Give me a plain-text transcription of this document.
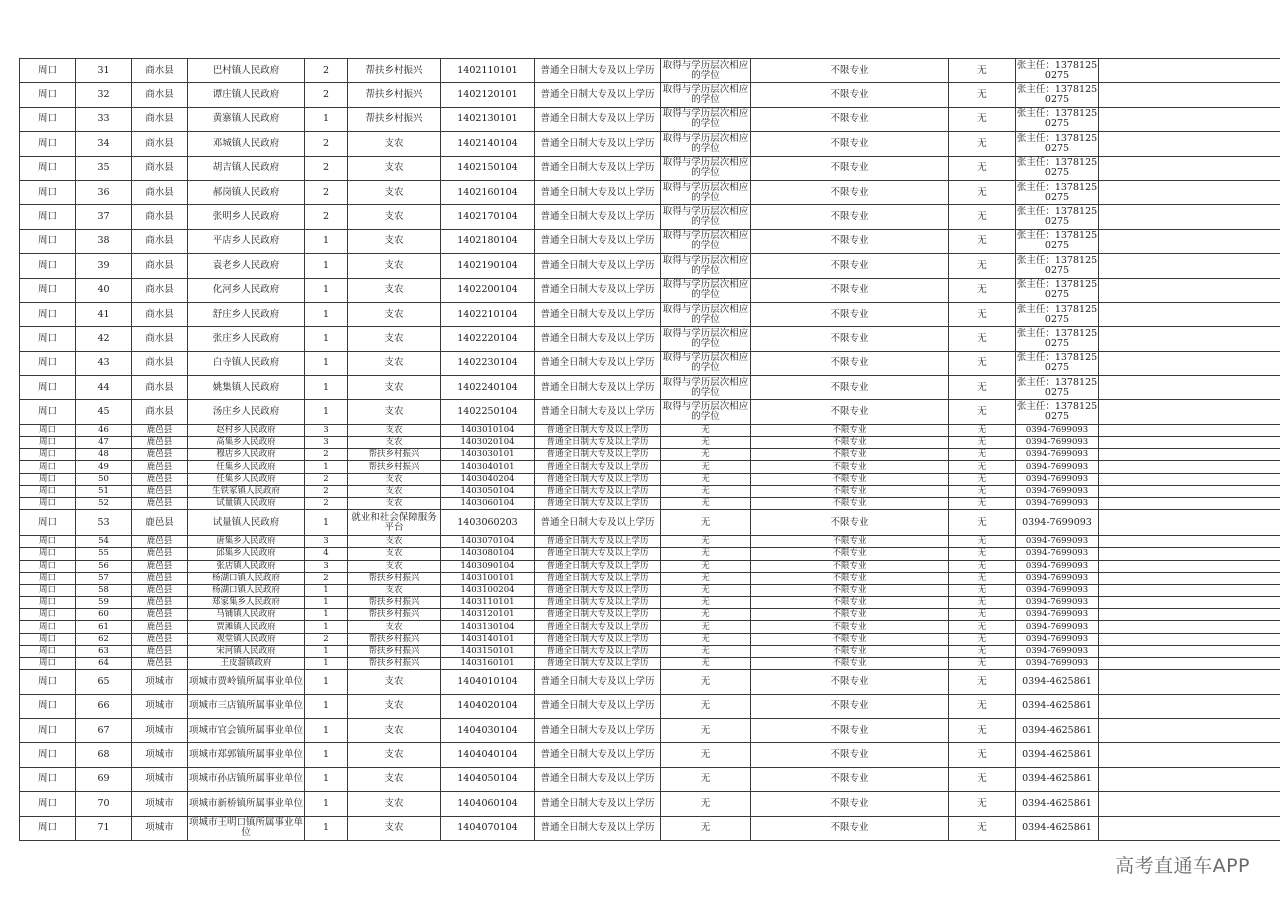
周口	31	商水县	巴村镇人民政府	2	帮扶乡村振兴	1402110101	普通全日制大专及以上学历	取得与学历层次相应的学位	不限专业	无	张主任：13781250275	
周口	32	商水县	谭庄镇人民政府	2	帮扶乡村振兴	1402120101	普通全日制大专及以上学历	取得与学历层次相应的学位	不限专业	无	张主任：13781250275	
周口	33	商水县	黄寨镇人民政府	1	帮扶乡村振兴	1402130101	普通全日制大专及以上学历	取得与学历层次相应的学位	不限专业	无	张主任：13781250275	
周口	34	商水县	邓城镇人民政府	2	支农	1402140104	普通全日制大专及以上学历	取得与学历层次相应的学位	不限专业	无	张主任：13781250275	
周口	35	商水县	胡吉镇人民政府	2	支农	1402150104	普通全日制大专及以上学历	取得与学历层次相应的学位	不限专业	无	张主任：13781250275	
周口	36	商水县	郝岗镇人民政府	2	支农	1402160104	普通全日制大专及以上学历	取得与学历层次相应的学位	不限专业	无	张主任：13781250275	
周口	37	商水县	张明乡人民政府	2	支农	1402170104	普通全日制大专及以上学历	取得与学历层次相应的学位	不限专业	无	张主任：13781250275	
周口	38	商水县	平店乡人民政府	1	支农	1402180104	普通全日制大专及以上学历	取得与学历层次相应的学位	不限专业	无	张主任：13781250275	
周口	39	商水县	袁老乡人民政府	1	支农	1402190104	普通全日制大专及以上学历	取得与学历层次相应的学位	不限专业	无	张主任：13781250275	
周口	40	商水县	化河乡人民政府	1	支农	1402200104	普通全日制大专及以上学历	取得与学历层次相应的学位	不限专业	无	张主任：13781250275	
周口	41	商水县	舒庄乡人民政府	1	支农	1402210104	普通全日制大专及以上学历	取得与学历层次相应的学位	不限专业	无	张主任：13781250275	
周口	42	商水县	张庄乡人民政府	1	支农	1402220104	普通全日制大专及以上学历	取得与学历层次相应的学位	不限专业	无	张主任：13781250275	
周口	43	商水县	白寺镇人民政府	1	支农	1402230104	普通全日制大专及以上学历	取得与学历层次相应的学位	不限专业	无	张主任：13781250275	
周口	44	商水县	姚集镇人民政府	1	支农	1402240104	普通全日制大专及以上学历	取得与学历层次相应的学位	不限专业	无	张主任：13781250275	
周口	45	商水县	汤庄乡人民政府	1	支农	1402250104	普通全日制大专及以上学历	取得与学历层次相应的学位	不限专业	无	张主任：13781250275	
周口	46	鹿邑县	赵村乡人民政府	3	支农	1403010104	普通全日制大专及以上学历	无	不限专业	无	0394-7699093	
周口	47	鹿邑县	高集乡人民政府	3	支农	1403020104	普通全日制大专及以上学历	无	不限专业	无	0394-7699093	
周口	48	鹿邑县	穆店乡人民政府	2	帮扶乡村振兴	1403030101	普通全日制大专及以上学历	无	不限专业	无	0394-7699093	
周口	49	鹿邑县	任集乡人民政府	1	帮扶乡村振兴	1403040101	普通全日制大专及以上学历	无	不限专业	无	0394-7699093	
周口	50	鹿邑县	任集乡人民政府	2	支农	1403040204	普通全日制大专及以上学历	无	不限专业	无	0394-7699093	
周口	51	鹿邑县	生铁冢镇人民政府	2	支农	1403050104	普通全日制大专及以上学历	无	不限专业	无	0394-7699093	
周口	52	鹿邑县	试量镇人民政府	2	支农	1403060104	普通全日制大专及以上学历	无	不限专业	无	0394-7699093	
周口	53	鹿邑县	试量镇人民政府	1	就业和社会保障服务平台	1403060203	普通全日制大专及以上学历	无	不限专业	无	0394-7699093	
周口	54	鹿邑县	唐集乡人民政府	3	支农	1403070104	普通全日制大专及以上学历	无	不限专业	无	0394-7699093	
周口	55	鹿邑县	邱集乡人民政府	4	支农	1403080104	普通全日制大专及以上学历	无	不限专业	无	0394-7699093	
周口	56	鹿邑县	张店镇人民政府	3	支农	1403090104	普通全日制大专及以上学历	无	不限专业	无	0394-7699093	
周口	57	鹿邑县	杨湖口镇人民政府	2	帮扶乡村振兴	1403100101	普通全日制大专及以上学历	无	不限专业	无	0394-7699093	
周口	58	鹿邑县	杨湖口镇人民政府	1	支农	1403100204	普通全日制大专及以上学历	无	不限专业	无	0394-7699093	
周口	59	鹿邑县	郑家集乡人民政府	1	帮扶乡村振兴	1403110101	普通全日制大专及以上学历	无	不限专业	无	0394-7699093	
周口	60	鹿邑县	马铺镇人民政府	1	帮扶乡村振兴	1403120101	普通全日制大专及以上学历	无	不限专业	无	0394-7699093	
周口	61	鹿邑县	贾滩镇人民政府	1	支农	1403130104	普通全日制大专及以上学历	无	不限专业	无	0394-7699093	
周口	62	鹿邑县	观堂镇人民政府	2	帮扶乡村振兴	1403140101	普通全日制大专及以上学历	无	不限专业	无	0394-7699093	
周口	63	鹿邑县	宋河镇人民政府	1	帮扶乡村振兴	1403150101	普通全日制大专及以上学历	无	不限专业	无	0394-7699093	
周口	64	鹿邑县	王皮溜镇政府	1	帮扶乡村振兴	1403160101	普通全日制大专及以上学历	无	不限专业	无	0394-7699093	
周口	65	项城市	项城市贾岭镇所属事业单位	1	支农	1404010104	普通全日制大专及以上学历	无	不限专业	无	0394-4625861	
周口	66	项城市	项城市三店镇所属事业单位	1	支农	1404020104	普通全日制大专及以上学历	无	不限专业	无	0394-4625861	
周口	67	项城市	项城市官会镇所属事业单位	1	支农	1404030104	普通全日制大专及以上学历	无	不限专业	无	0394-4625861	
周口	68	项城市	项城市郑郭镇所属事业单位	1	支农	1404040104	普通全日制大专及以上学历	无	不限专业	无	0394-4625861	
周口	69	项城市	项城市孙店镇所属事业单位	1	支农	1404050104	普通全日制大专及以上学历	无	不限专业	无	0394-4625861	
周口	70	项城市	项城市新桥镇所属事业单位	1	支农	1404060104	普通全日制大专及以上学历	无	不限专业	无	0394-4625861	
周口	71	项城市	项城市王明口镇所属事业单位	1	支农	1404070104	普通全日制大专及以上学历	无	不限专业	无	0394-4625861	
高考直通车APP
